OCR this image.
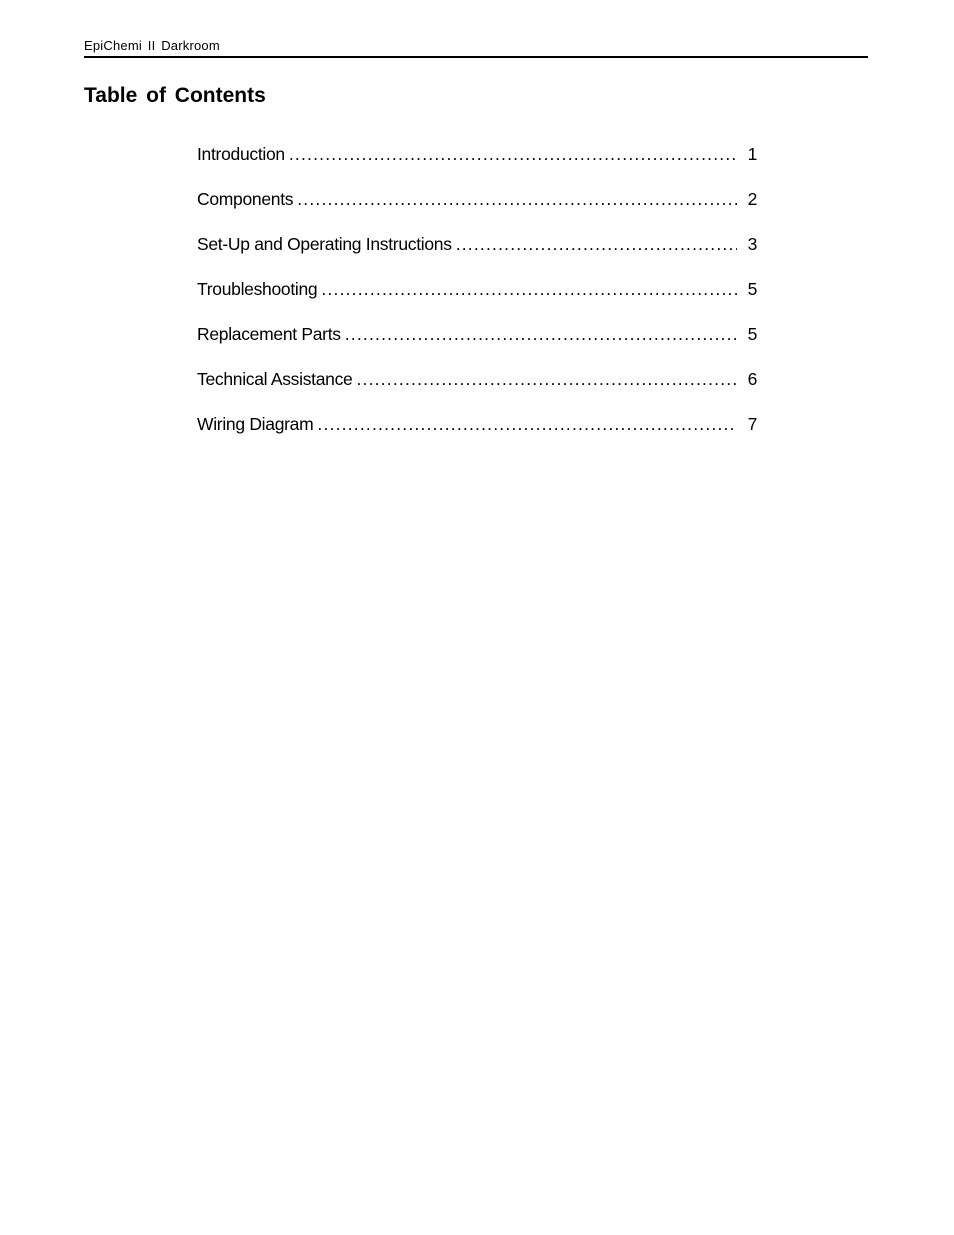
EpiChemi II Darkroom
Table of Contents
Introduction .....	1
Components .....	2
Set-Up and Operating Instructions .....	3
Troubleshooting .....	5
Replacement Parts .....	5
Technical Assistance .....	6
Wiring Diagram .....	7
